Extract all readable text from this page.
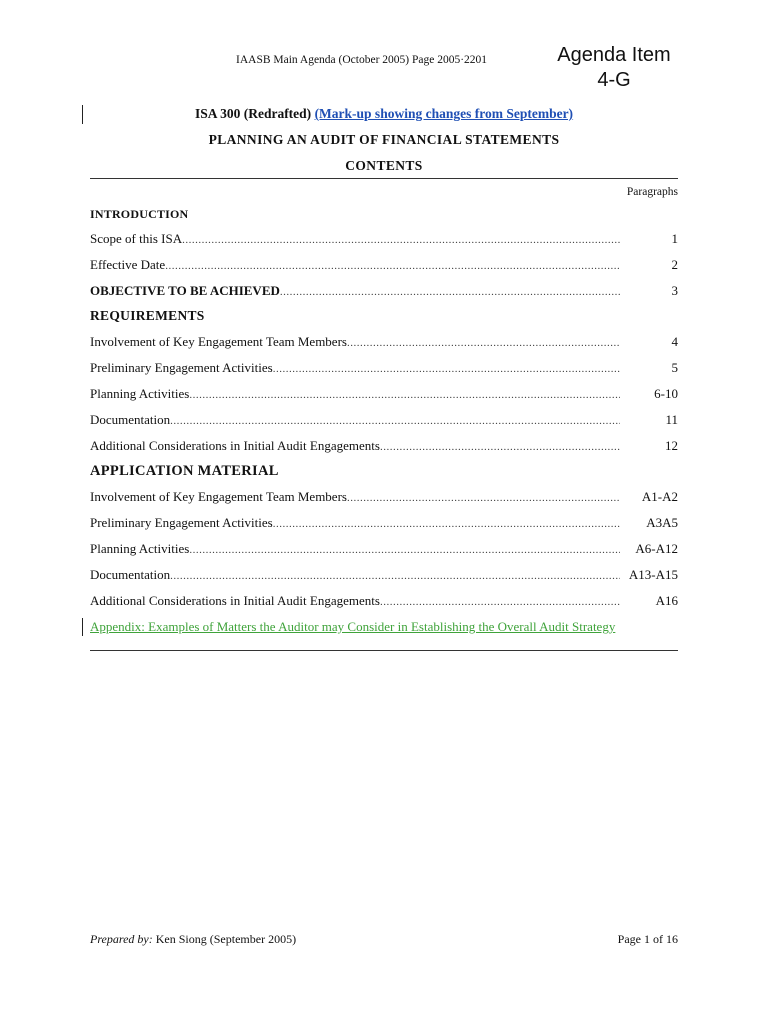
IAASB Main Agenda (October 2005) Page 2005·2201	Agenda Item
4-G
ISA 300 (Redrafted) (Mark-up showing changes from September)
PLANNING AN AUDIT OF FINANCIAL STATEMENTS
CONTENTS
Paragraphs
INTRODUCTION
Scope of this ISA .....	1
Effective Date .....	2
OBJECTIVE TO BE ACHIEVED .....	3
REQUIREMENTS
Involvement of Key Engagement Team Members .....	4
Preliminary Engagement Activities .....	5
Planning Activities .....	6-10
Documentation .....	11
Additional Considerations in Initial Audit Engagements .....	12
APPLICATION MATERIAL
Involvement of Key Engagement Team Members .....	A1-A2
Preliminary Engagement Activities .....	A3A5
Planning Activities .....	A6-A12
Documentation .....	A13-A15
Additional Considerations in Initial Audit Engagements .....	A16
Appendix: Examples of Matters the Auditor may Consider in Establishing the Overall Audit Strategy
Prepared by: Ken Siong (September 2005)	Page 1 of 16
